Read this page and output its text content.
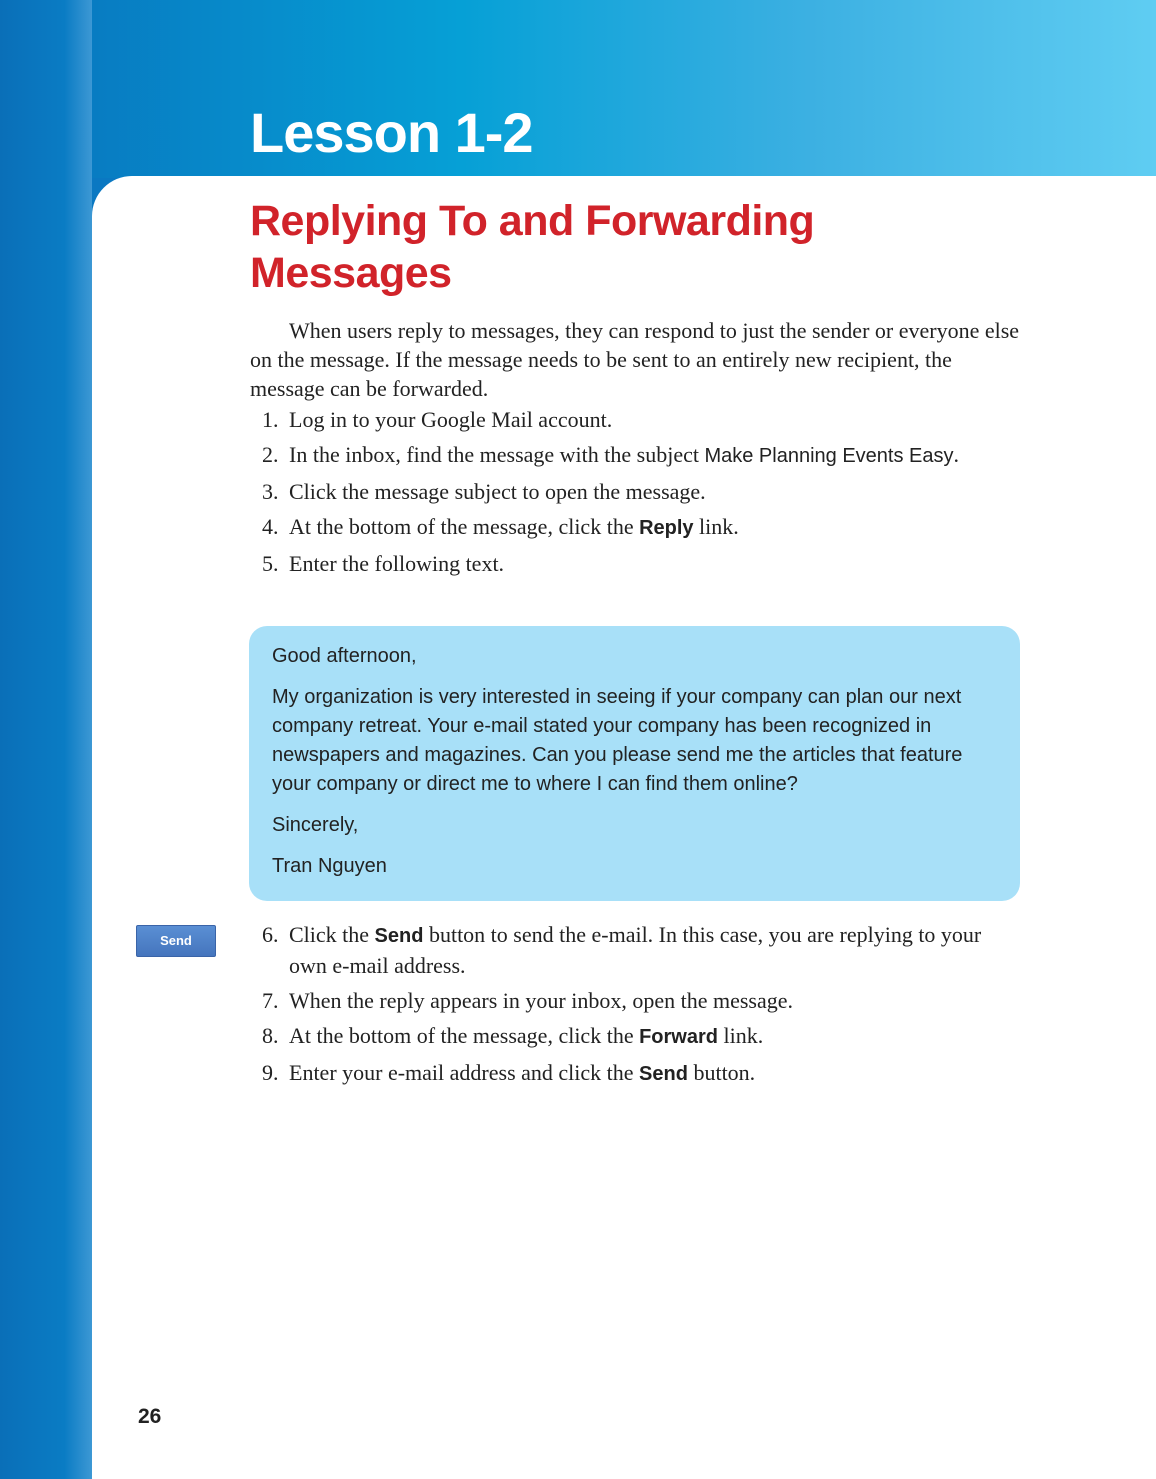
Lesson 1-2
Replying To and Forwarding Messages

When users reply to messages, they can respond to just the sender or everyone else on the message. If the message needs to be sent to an entirely new recipient, the message can be forwarded.

1. Log in to your Google Mail account.
2. In the inbox, find the message with the subject Make Planning Events Easy.
3. Click the message subject to open the message.
4. At the bottom of the message, click the Reply link.
5. Enter the following text.

Good afternoon,

My organization is very interested in seeing if your company can plan our next company retreat. Your e-mail stated your company has been recognized in newspapers and magazines. Can you please send me the articles that feature your company or direct me to where I can find them online?

Sincerely,

Tran Nguyen

Send	6. Click the Send button to send the e-mail. In this case, you are replying to your own e-mail address.
7. When the reply appears in your inbox, open the message.
8. At the bottom of the message, click the Forward link.
9. Enter your e-mail address and click the Send button.
26
